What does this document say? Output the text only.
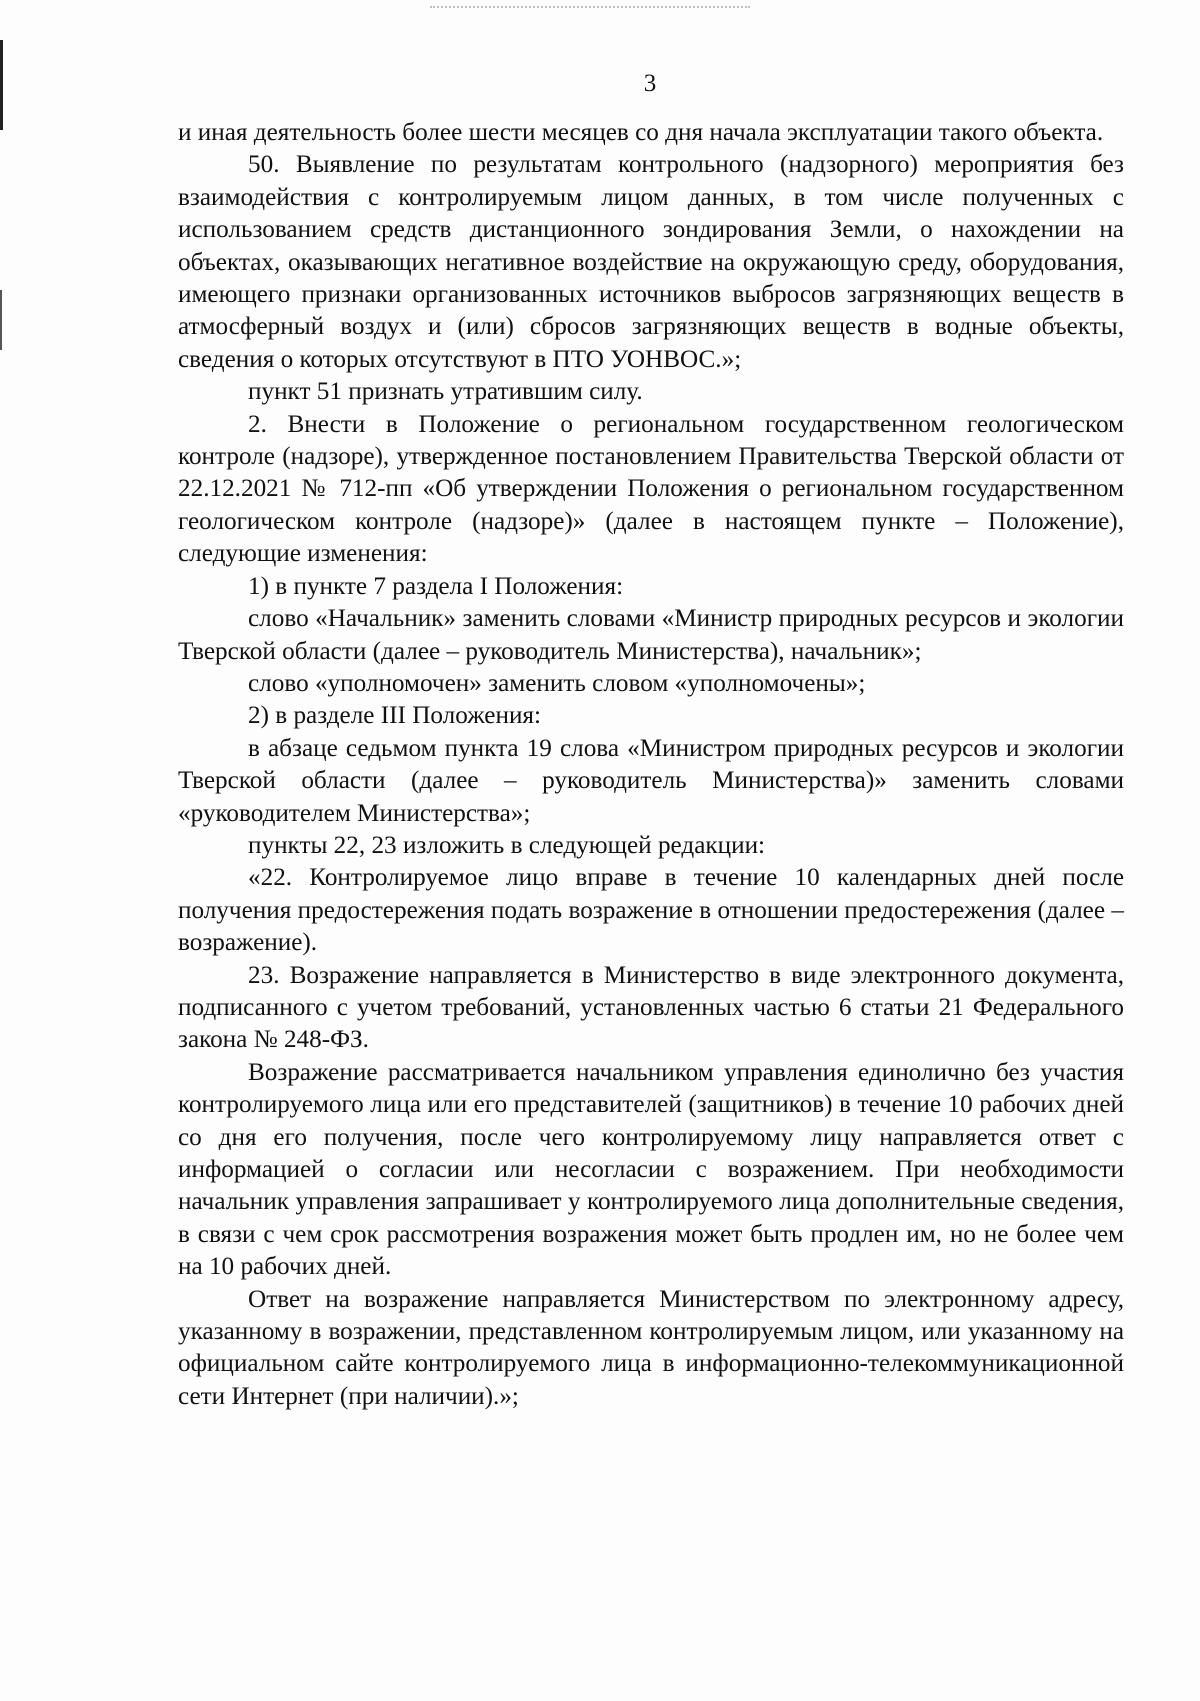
3

и иная деятельность более шести месяцев со дня начала эксплуатации такого объекта.

50. Выявление по результатам контрольного (надзорного) мероприятия без взаимодействия с контролируемым лицом данных, в том числе полученных с использованием средств дистанционного зондирования Земли, о нахождении на объектах, оказывающих негативное воздействие на окружающую среду, оборудования, имеющего признаки организованных источников выбросов загрязняющих веществ в атмосферный воздух и (или) сбросов загрязняющих веществ в водные объекты, сведения о которых отсутствуют в ПТО УОНВОС.»;

пункт 51 признать утратившим силу.

2. Внести в Положение о региональном государственном геологическом контроле (надзоре), утвержденное постановлением Правительства Тверской области от 22.12.2021 № 712-пп «Об утверждении Положения о региональном государственном геологическом контроле (надзоре)» (далее в настоящем пункте – Положение), следующие изменения:

1) в пункте 7 раздела I Положения:

слово «Начальник» заменить словами «Министр природных ресурсов и экологии Тверской области (далее – руководитель Министерства), начальник»;

слово «уполномочен» заменить словом «уполномочены»;

2) в разделе III Положения:

в абзаце седьмом пункта 19 слова «Министром природных ресурсов и экологии Тверской области (далее – руководитель Министерства)» заменить словами «руководителем Министерства»;

пункты 22, 23 изложить в следующей редакции:

«22. Контролируемое лицо вправе в течение 10 календарных дней после получения предостережения подать возражение в отношении предостережения (далее – возражение).

23. Возражение направляется в Министерство в виде электронного документа, подписанного с учетом требований, установленных частью 6 статьи 21 Федерального закона № 248-ФЗ.

Возражение рассматривается начальником управления единолично без участия контролируемого лица или его представителей (защитников) в течение 10 рабочих дней со дня его получения, после чего контролируемому лицу направляется ответ с информацией о согласии или несогласии с возражением. При необходимости начальник управления запрашивает у контролируемого лица дополнительные сведения, в связи с чем срок рассмотрения возражения может быть продлен им, но не более чем на 10 рабочих дней.

Ответ на возражение направляется Министерством по электронному адресу, указанному в возражении, представленном контролируемым лицом, или указанному на официальном сайте контролируемого лица в информационно-телекоммуникационной сети Интернет (при наличии).»;
